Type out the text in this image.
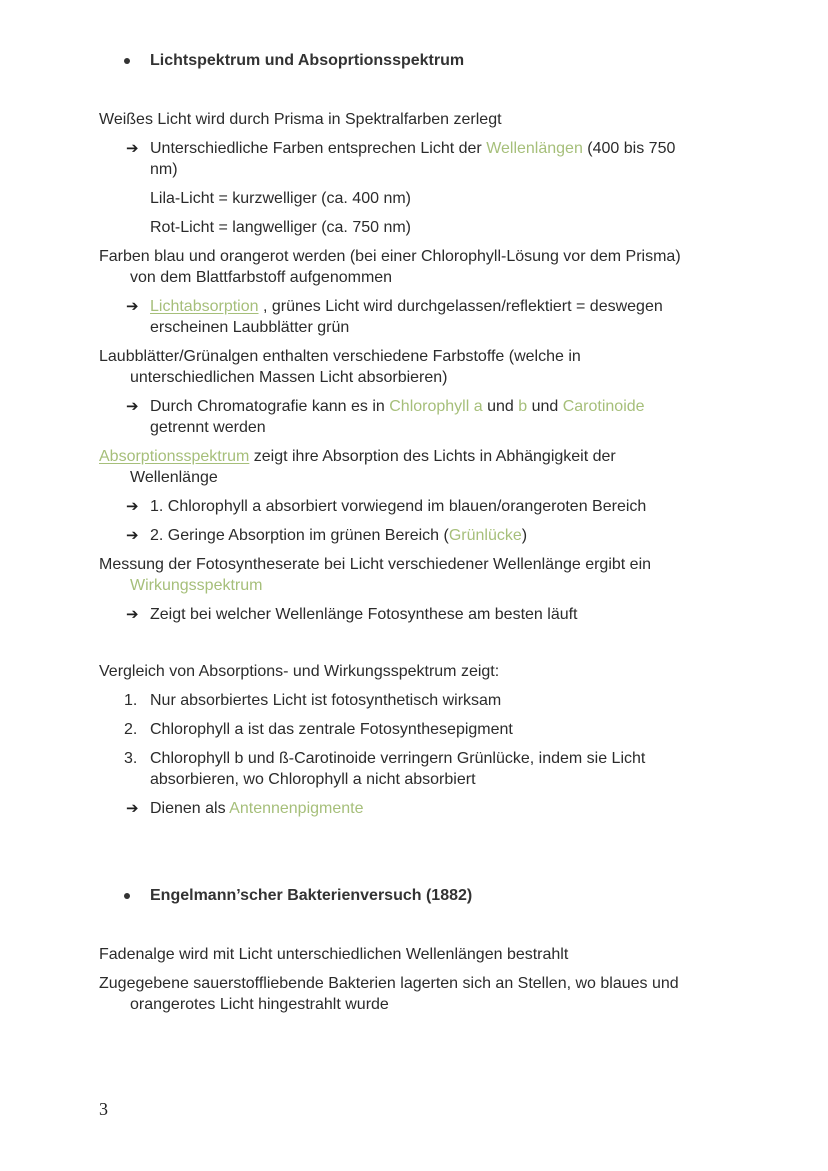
Lichtspektrum und Absoprtionsspektrum
Weißes Licht wird durch Prisma in Spektralfarben zerlegt
➔ Unterschiedliche Farben entsprechen Licht der Wellenlängen (400 bis 750
nm)
Lila-Licht = kurzwelliger (ca. 400 nm)
Rot-Licht = langwelliger (ca. 750 nm)
Farben blau und orangerot werden (bei einer Chlorophyll-Lösung vor dem Prisma)
von dem Blattfarbstoff aufgenommen
➔ Lichtabsorption , grünes Licht wird durchgelassen/reflektiert = deswegen
erscheinen Laubblätter grün
Laubblätter/Grünalgen enthalten verschiedene Farbstoffe (welche in
unterschiedlichen Massen Licht absorbieren)
➔ Durch Chromatografie kann es in Chlorophyll a und b und Carotinoide
getrennt werden
Absorptionsspektrum zeigt ihre Absorption des Lichts in Abhängigkeit der
Wellenlänge
➔ 1. Chlorophyll a absorbiert vorwiegend im blauen/orangeroten Bereich
➔ 2. Geringe Absorption im grünen Bereich (Grünlücke)
Messung der Fotosyntheserate bei Licht verschiedener Wellenlänge ergibt ein
Wirkungsspektrum
➔ Zeigt bei welcher Wellenlänge Fotosynthese am besten läuft
Vergleich von Absorptions- und Wirkungsspektrum zeigt:
1. Nur absorbiertes Licht ist fotosynthetisch wirksam
2. Chlorophyll a ist das zentrale Fotosynthesepigment
3. Chlorophyll b und ß-Carotinoide verringern Grünlücke, indem sie Licht
absorbieren, wo Chlorophyll a nicht absorbiert
➔ Dienen als Antennenpigmente
Engelmann’scher Bakterienversuch (1882)
Fadenalge wird mit Licht unterschiedlichen Wellenlängen bestrahlt
Zugegebene sauerstoffliebende Bakterien lagerten sich an Stellen, wo blaues und
orangerotes Licht hingestrahlt wurde
3
